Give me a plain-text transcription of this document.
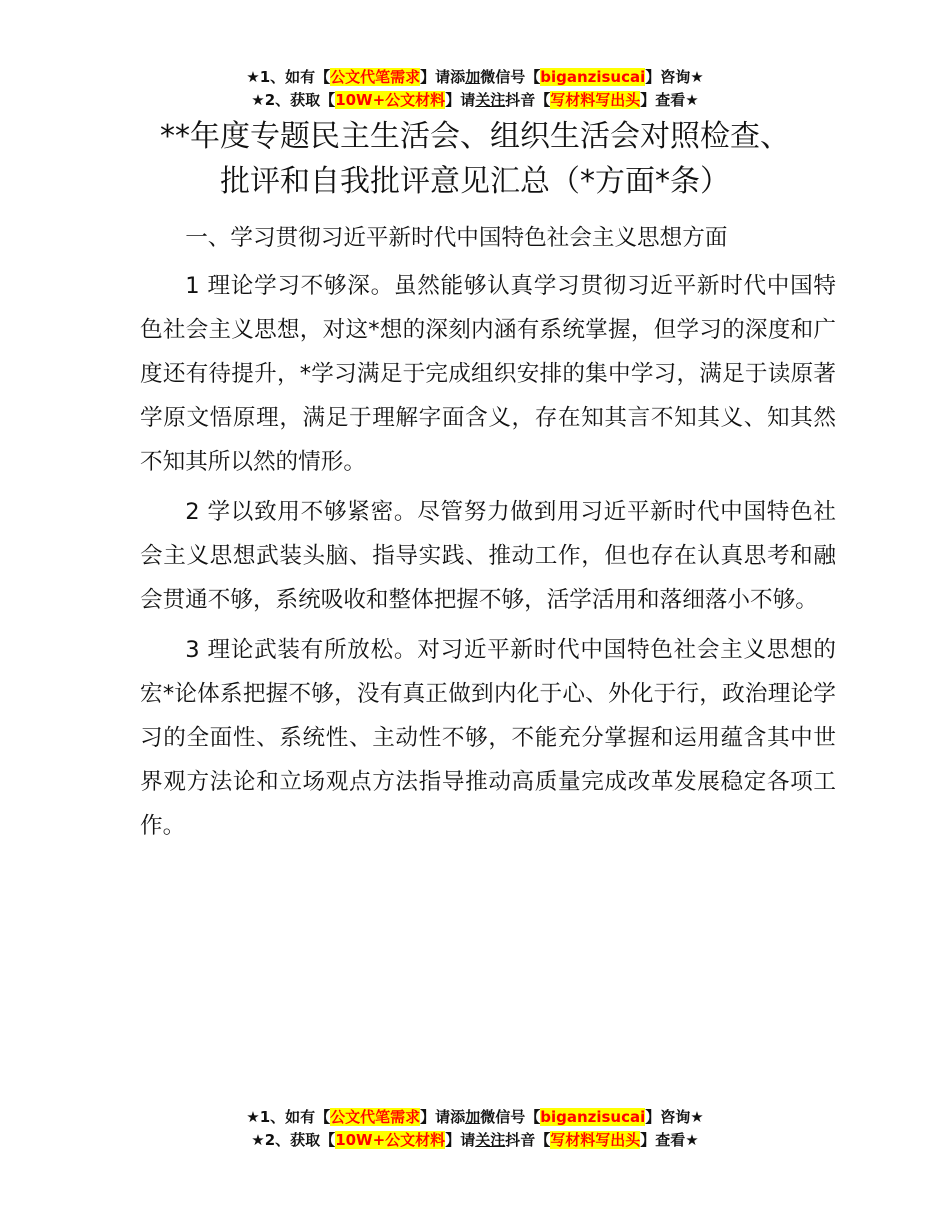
★1、如有【公文代笔需求】请添加微信号【biganzisucai】咨询★
★2、获取【10W+公文材料】请关注抖音【写材料写出头】查看★
**年度专题民主生活会、组织生活会对照检查、
批评和自我批评意见汇总（*方面*条）

一、学习贯彻习近平新时代中国特色社会主义思想方面

1 理论学习不够深。虽然能够认真学习贯彻习近平新时代中国特色社会主义思想，对这*想的深刻内涵有系统掌握，但学习的深度和广度还有待提升，*学习满足于完成组织安排的集中学习，满足于读原著学原文悟原理，满足于理解字面含义，存在知其言不知其义、知其然不知其所以然的情形。

2 学以致用不够紧密。尽管努力做到用习近平新时代中国特色社会主义思想武装头脑、指导实践、推动工作，但也存在认真思考和融会贯通不够，系统吸收和整体把握不够，活学活用和落细落小不够。

3 理论武装有所放松。对习近平新时代中国特色社会主义思想的宏*论体系把握不够，没有真正做到内化于心、外化于行，政治理论学习的全面性、系统性、主动性不够，不能充分掌握和运用蕴含其中世界观方法论和立场观点方法指导推动高质量完成改革发展稳定各项工作。

★1、如有【公文代笔需求】请添加微信号【biganzisucai】咨询★
★2、获取【10W+公文材料】请关注抖音【写材料写出头】查看★
